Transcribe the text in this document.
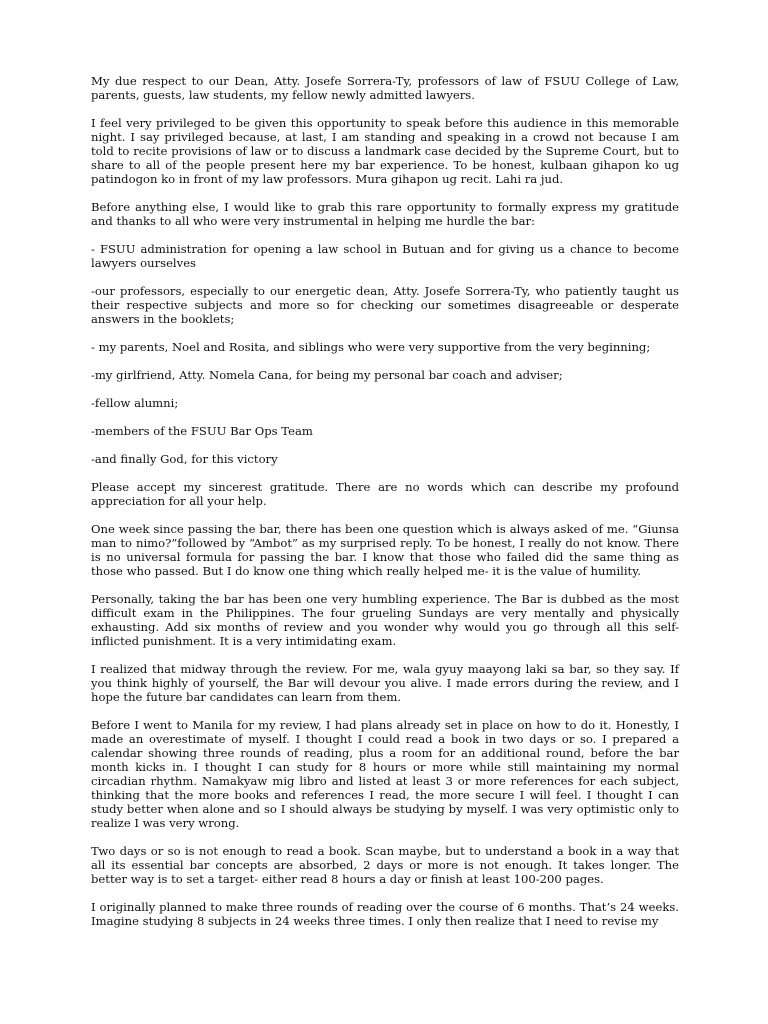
My due respect to our Dean, Atty. Josefe Sorrera-Ty, professors of law of FSUU College of Law, parents, guests, law students, my fellow newly admitted lawyers.

I feel very privileged to be given this opportunity to speak before this audience in this memorable night. I say privileged because, at last, I am standing and speaking in a crowd not because I am told to recite provisions of law or to discuss a landmark case decided by the Supreme Court, but to share to all of the people present here my bar experience. To be honest, kulbaan gihapon ko ug patindogon ko in front of my law professors. Mura gihapon ug recit. Lahi ra jud.

Before anything else, I would like to grab this rare opportunity to formally express my gratitude and thanks to all who were very instrumental in helping me hurdle the bar:

- FSUU administration for opening a law school in Butuan and for giving us a chance to become lawyers ourselves

-our professors, especially to our energetic dean, Atty. Josefe Sorrera-Ty, who patiently taught us their respective subjects and more so for checking our sometimes disagreeable or desperate answers in the booklets;

- my parents, Noel and Rosita, and siblings who were very supportive from the very beginning;

-my girlfriend, Atty. Nomela Cana, for being my personal bar coach and adviser;

-fellow alumni;

-members of the FSUU Bar Ops Team

-and finally God, for this victory

Please accept my sincerest gratitude. There are no words which can describe my profound appreciation for all your help.

One week since passing the bar, there has been one question which is always asked of me. “Giunsa man to nimo?”followed by “Ambot” as my surprised reply. To be honest, I really do not know. There is no universal formula for passing the bar. I know that those who failed did the same thing as those who passed. But I do know one thing which really helped me- it is the value of humility.

Personally, taking the bar has been one very humbling experience. The Bar is dubbed as the most difficult exam in the Philippines. The four grueling Sundays are very mentally and physically exhausting. Add six months of review and you wonder why would you go through all this self-inflicted punishment. It is a very intimidating exam.

I realized that midway through the review. For me, wala gyuy maayong laki sa bar, so they say. If you think highly of yourself, the Bar will devour you alive. I made errors during the review, and I hope the future bar candidates can learn from them.

Before I went to Manila for my review, I had plans already set in place on how to do it. Honestly, I made an overestimate of myself. I thought I could read a book in two days or so. I prepared a calendar showing three rounds of reading, plus a room for an additional round, before the bar month kicks in. I thought I can study for 8 hours or more while still maintaining my normal circadian rhythm. Namakyaw mig libro and listed at least 3 or more references for each subject, thinking that the more books and references I read, the more secure I will feel. I thought I can study better when alone and so I should always be studying by myself. I was very optimistic only to realize I was very wrong.

Two days or so is not enough to read a book. Scan maybe, but to understand a book in a way that all its essential bar concepts are absorbed, 2 days or more is not enough. It takes longer. The better way is to set a target- either read 8 hours a day or finish at least 100-200 pages.

I originally planned to make three rounds of reading over the course of 6 months. That’s 24 weeks. Imagine studying 8 subjects in 24 weeks three times. I only then realize that I need to revise my
